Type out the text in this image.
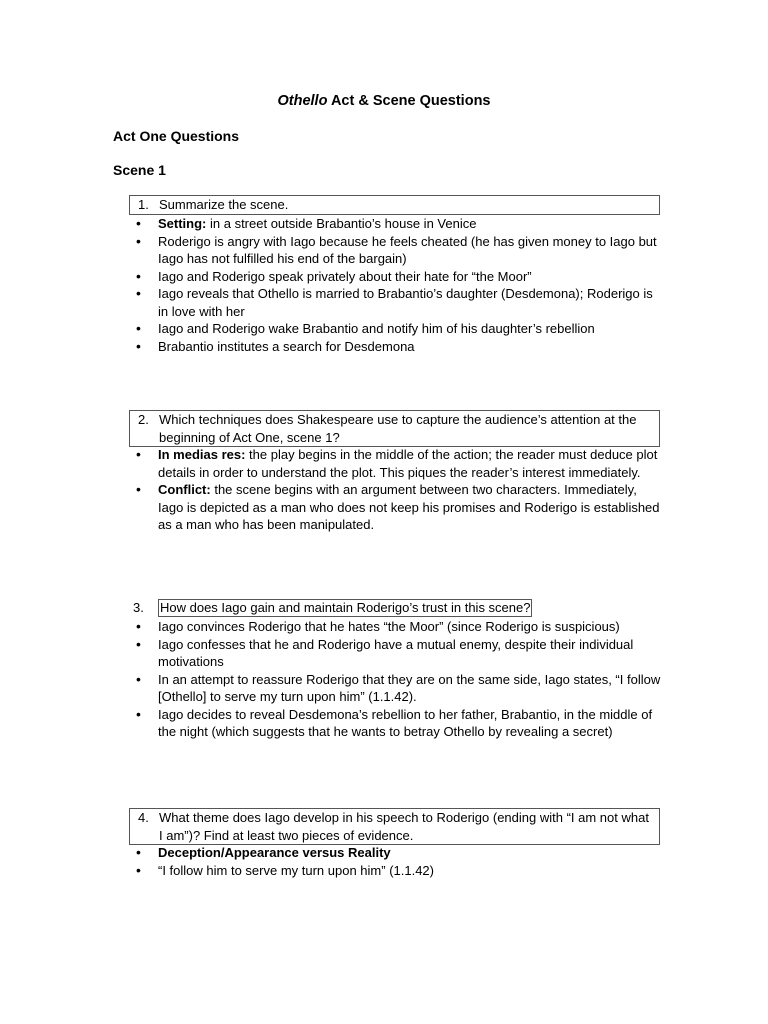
Othello Act & Scene Questions
Act One Questions
Scene 1
1. Summarize the scene.
• Setting: in a street outside Brabantio’s house in Venice
• Roderigo is angry with Iago because he feels cheated (he has given money to Iago but Iago has not fulfilled his end of the bargain)
• Iago and Roderigo speak privately about their hate for “the Moor”
• Iago reveals that Othello is married to Brabantio’s daughter (Desdemona); Roderigo is in love with her
• Iago and Roderigo wake Brabantio and notify him of his daughter’s rebellion
• Brabantio institutes a search for Desdemona
2. Which techniques does Shakespeare use to capture the audience’s attention at the beginning of Act One, scene 1?
• In medias res: the play begins in the middle of the action; the reader must deduce plot details in order to understand the plot. This piques the reader’s interest immediately.
• Conflict: the scene begins with an argument between two characters. Immediately, Iago is depicted as a man who does not keep his promises and Roderigo is established as a man who has been manipulated.
3.	How does Iago gain and maintain Roderigo’s trust in this scene?
• Iago convinces Roderigo that he hates “the Moor” (since Roderigo is suspicious)
• Iago confesses that he and Roderigo have a mutual enemy, despite their individual motivations
• In an attempt to reassure Roderigo that they are on the same side, Iago states, “I follow [Othello] to serve my turn upon him” (1.1.42).
• Iago decides to reveal Desdemona’s rebellion to her father, Brabantio, in the middle of the night (which suggests that he wants to betray Othello by revealing a secret)
4. What theme does Iago develop in his speech to Roderigo (ending with “I am not what I am”)? Find at least two pieces of evidence.
• Deception/Appearance versus Reality
• “I follow him to serve my turn upon him” (1.1.42)
